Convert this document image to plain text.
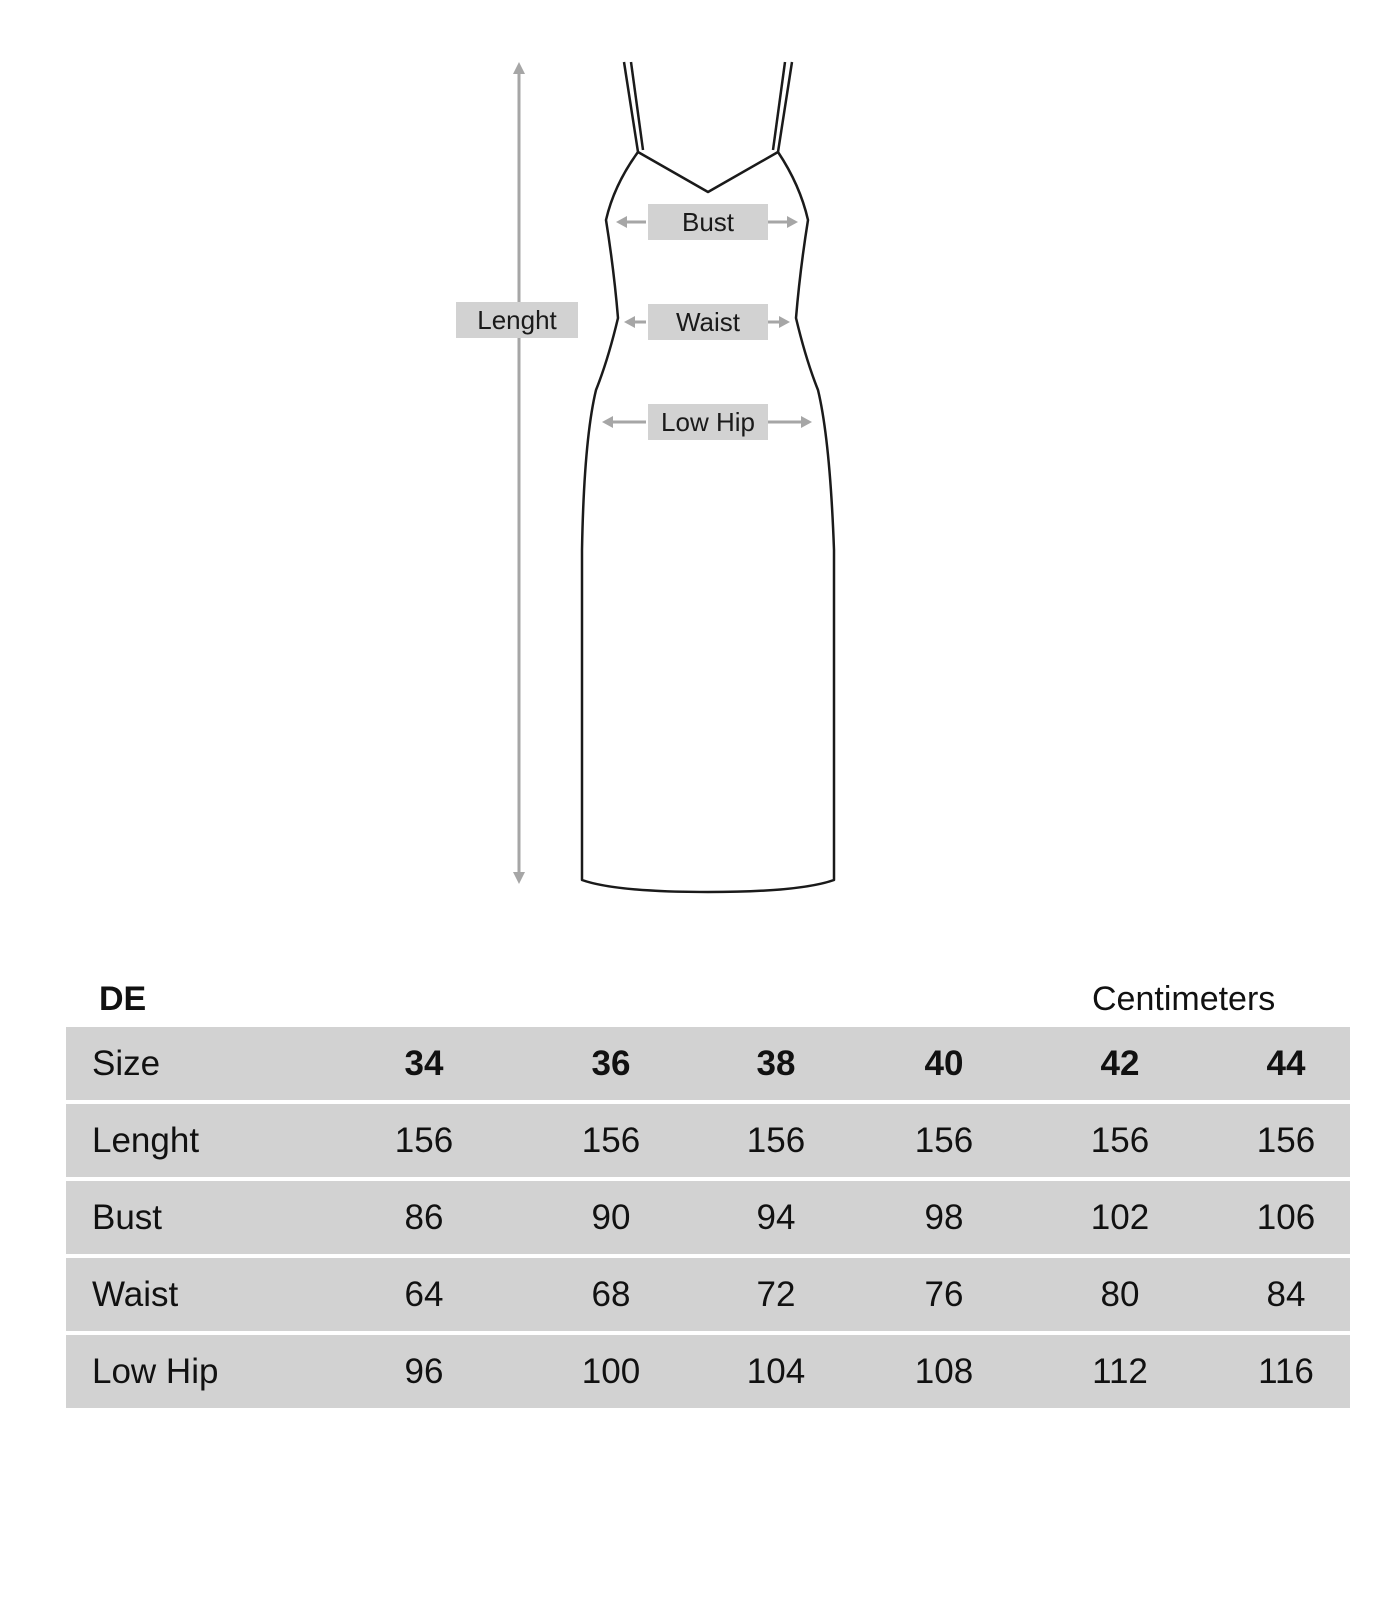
Lenght
Bust
Waist
Low Hip
DE	Centimeters
Size	34	36	38	40	42	44
Lenght	156	156	156	156	156	156
Bust	86	90	94	98	102	106
Waist	64	68	72	76	80	84
Low Hip	96	100	104	108	112	116
